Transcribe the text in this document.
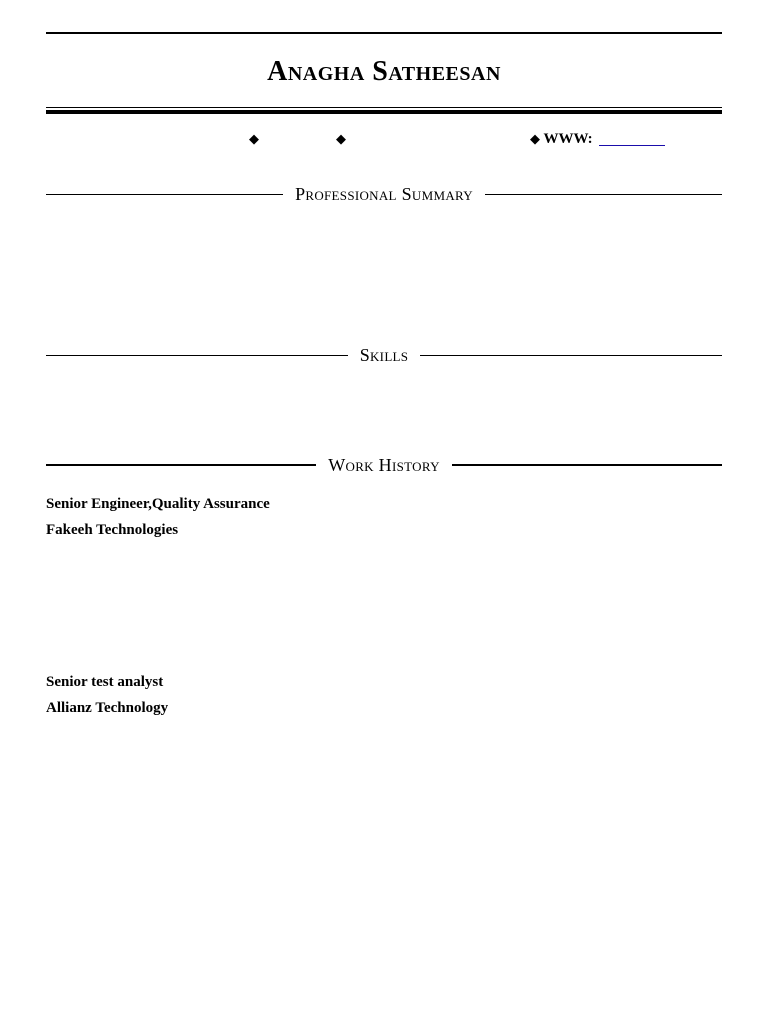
Anagha Satheesan
◆	◆	◆ WWW:
Professional Summary
Skills
Work History
Senior Engineer,Quality Assurance
Fakeeh Technologies
Senior test analyst
Allianz Technology
